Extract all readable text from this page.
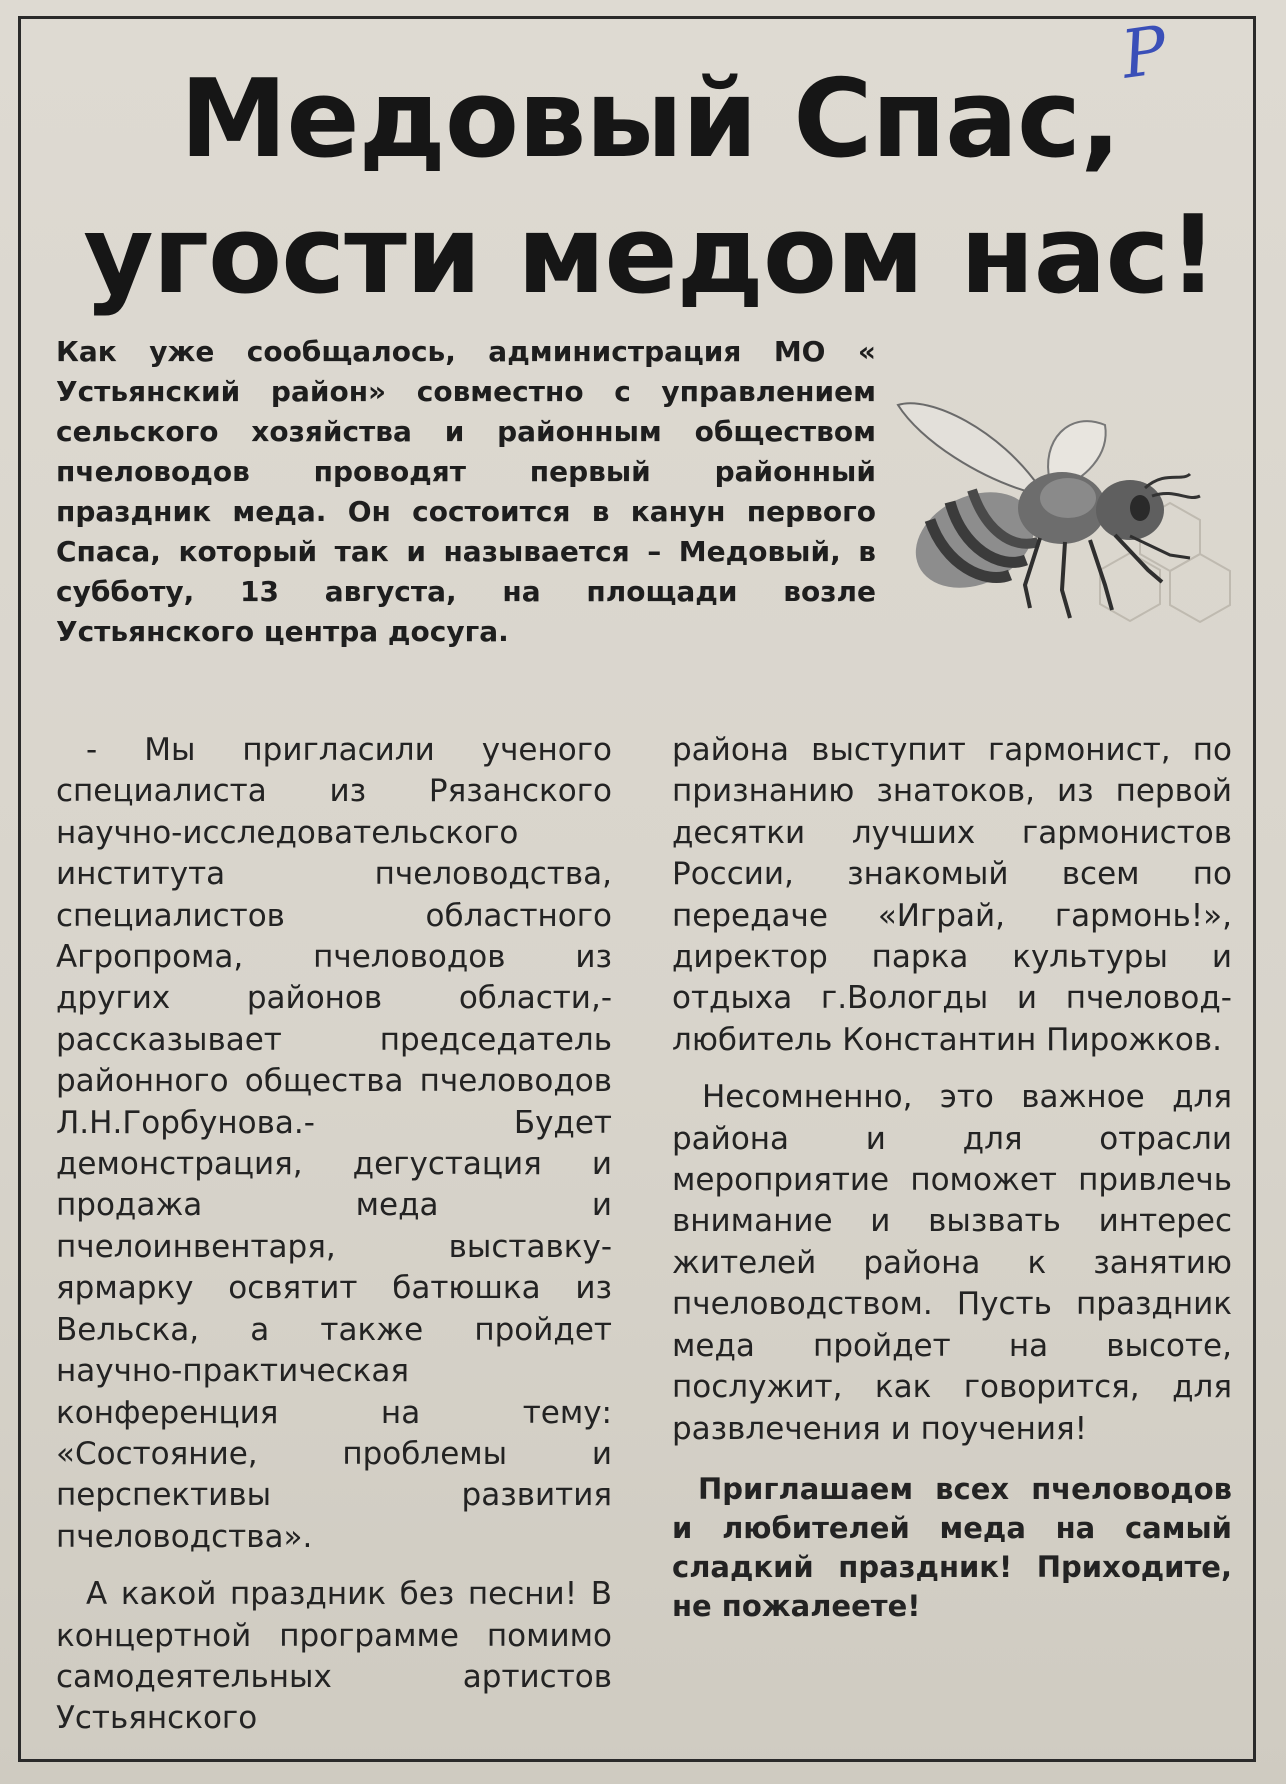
P
Медовый Спас,
угости медом нас!

Как уже сообщалось, администрация МО « Устьянский район» совместно с управлением сельского хозяйства и районным обществом пчеловодов проводят первый районный праздник меда. Он состоится в канун первого Спаса, который так и называется – Медовый, в субботу, 13 августа, на площади возле Устьянского центра досуга.

- Мы пригласили ученого специалиста из Рязанского научно-исследовательского института пчеловодства, специалистов областного Агропрома, пчеловодов из других районов области,- рассказывает председатель районного общества пчеловодов Л.Н.Горбунова.- Будет демонстрация, дегустация и продажа меда и пчелоинвентаря, выставку-ярмарку освятит батюшка из Вельска, а также пройдет научно-практическая конференция на тему: «Состояние, проблемы и перспективы развития пчеловодства».

А какой праздник без песни! В концертной программе помимо самодеятельных артистов Устьянского

района выступит гармонист, по признанию знатоков, из первой десятки лучших гармонистов России, знакомый всем по передаче «Играй, гармонь!», директор парка культуры и отдыха г.Вологды и пчеловод-любитель Константин Пирожков.

Несомненно, это важное для района и для отрасли мероприятие поможет привлечь внимание и вызвать интерес жителей района к занятию пчеловодством. Пусть праздник меда пройдет на высоте, послужит, как говорится, для развлечения и поучения!

Приглашаем всех пчеловодов и любителей меда на самый сладкий праздник! Приходите, не пожалеете!
